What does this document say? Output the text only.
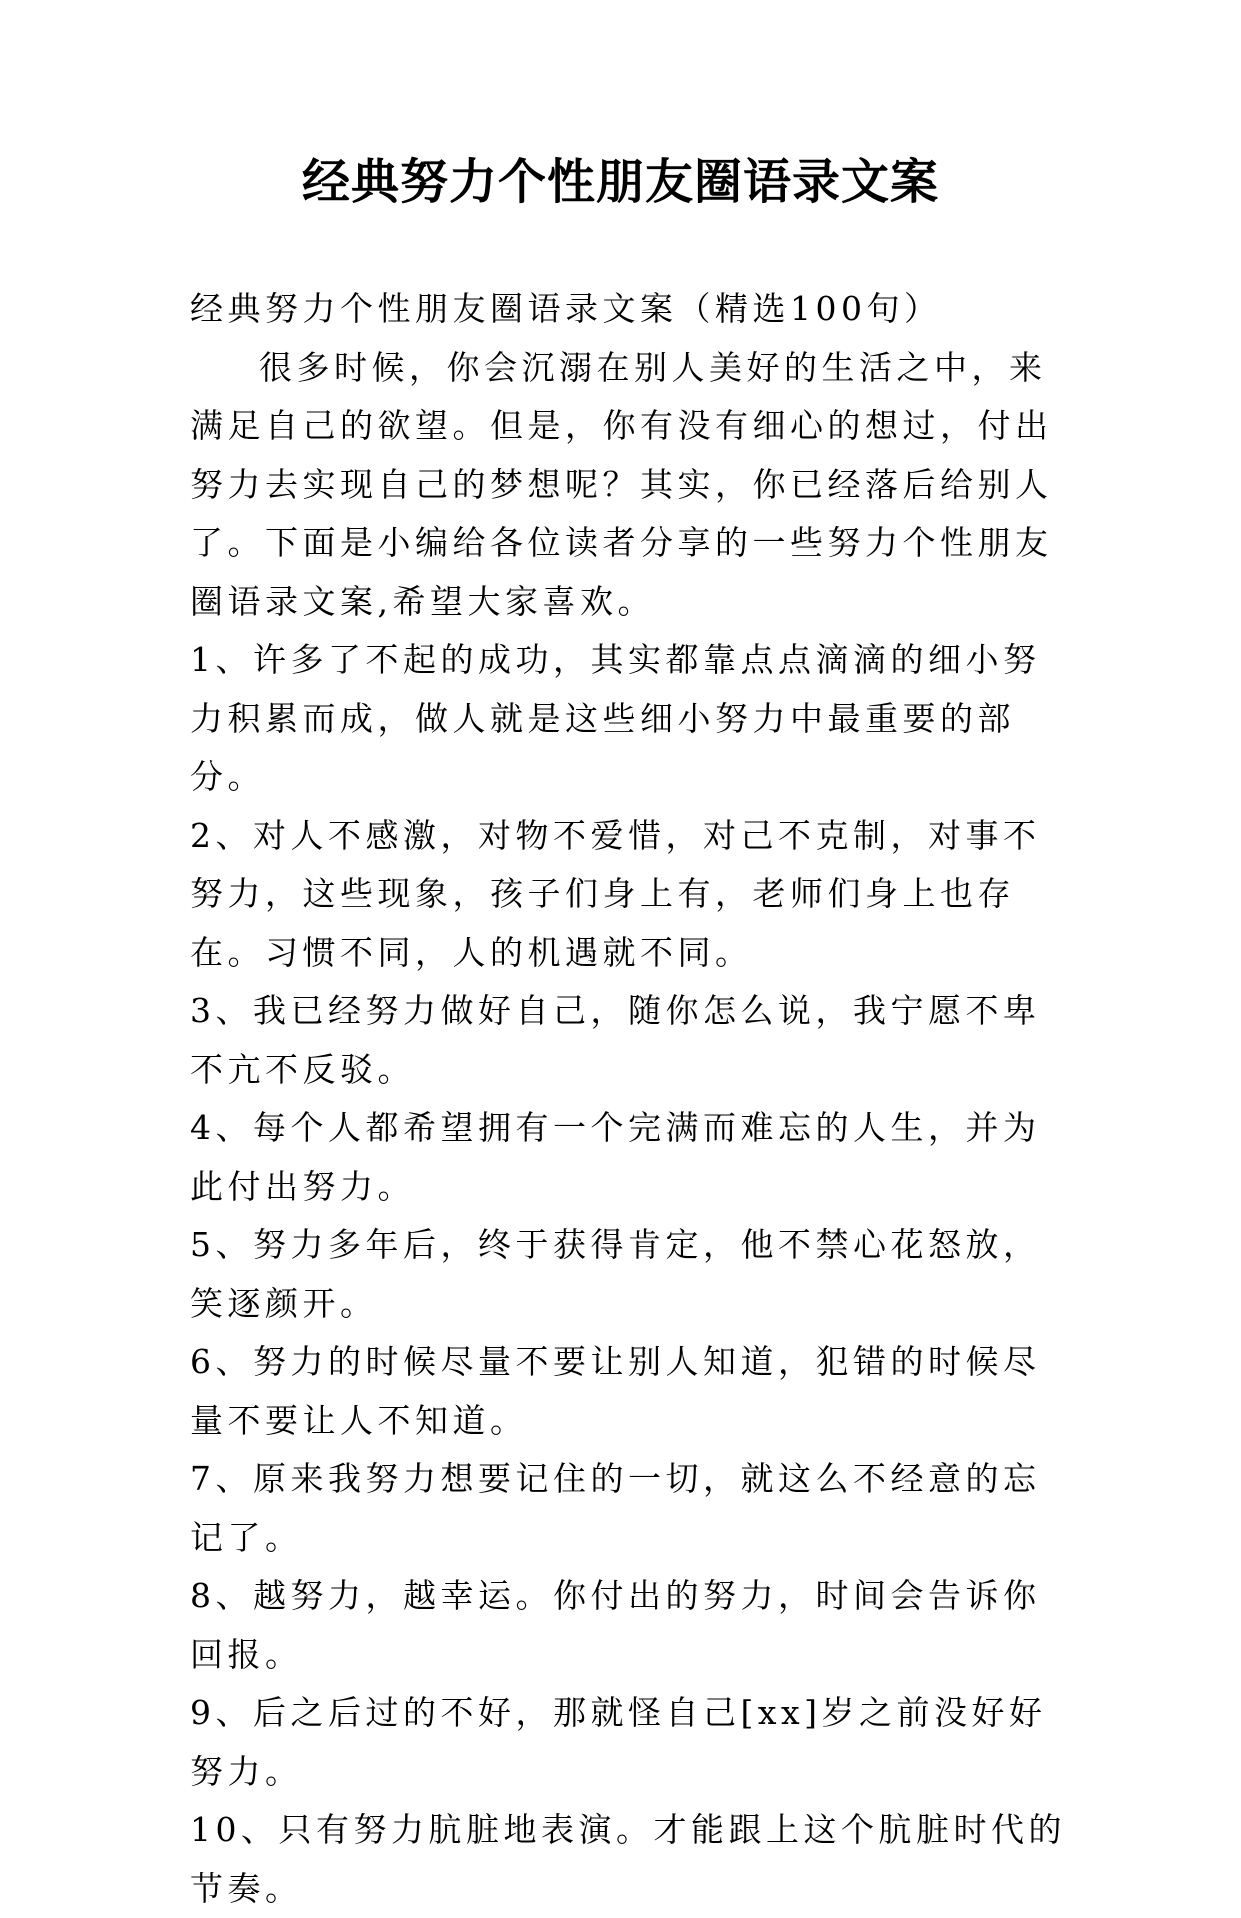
经典努力个性朋友圈语录文案

经典努力个性朋友圈语录文案（精选100句）

很多时候，你会沉溺在别人美好的生活之中，来满足自己的欲望。但是，你有没有细心的想过，付出努力去实现自己的梦想呢？其实，你已经落后给别人了。下面是小编给各位读者分享的一些努力个性朋友圈语录文案,希望大家喜欢。

1、许多了不起的成功，其实都靠点点滴滴的细小努力积累而成，做人就是这些细小努力中最重要的部分。

2、对人不感激，对物不爱惜，对己不克制，对事不努力，这些现象，孩子们身上有，老师们身上也存在。习惯不同，人的机遇就不同。

3、我已经努力做好自己，随你怎么说，我宁愿不卑不亢不反驳。

4、每个人都希望拥有一个完满而难忘的人生，并为此付出努力。

5、努力多年后，终于获得肯定，他不禁心花怒放，笑逐颜开。

6、努力的时候尽量不要让别人知道，犯错的时候尽量不要让人不知道。

7、原来我努力想要记住的一切，就这么不经意的忘记了。

8、越努力，越幸运。你付出的努力，时间会告诉你回报。

9、后之后过的不好，那就怪自己[xx]岁之前没好好努力。

10、只有努力肮脏地表演。才能跟上这个肮脏时代的节奏。
